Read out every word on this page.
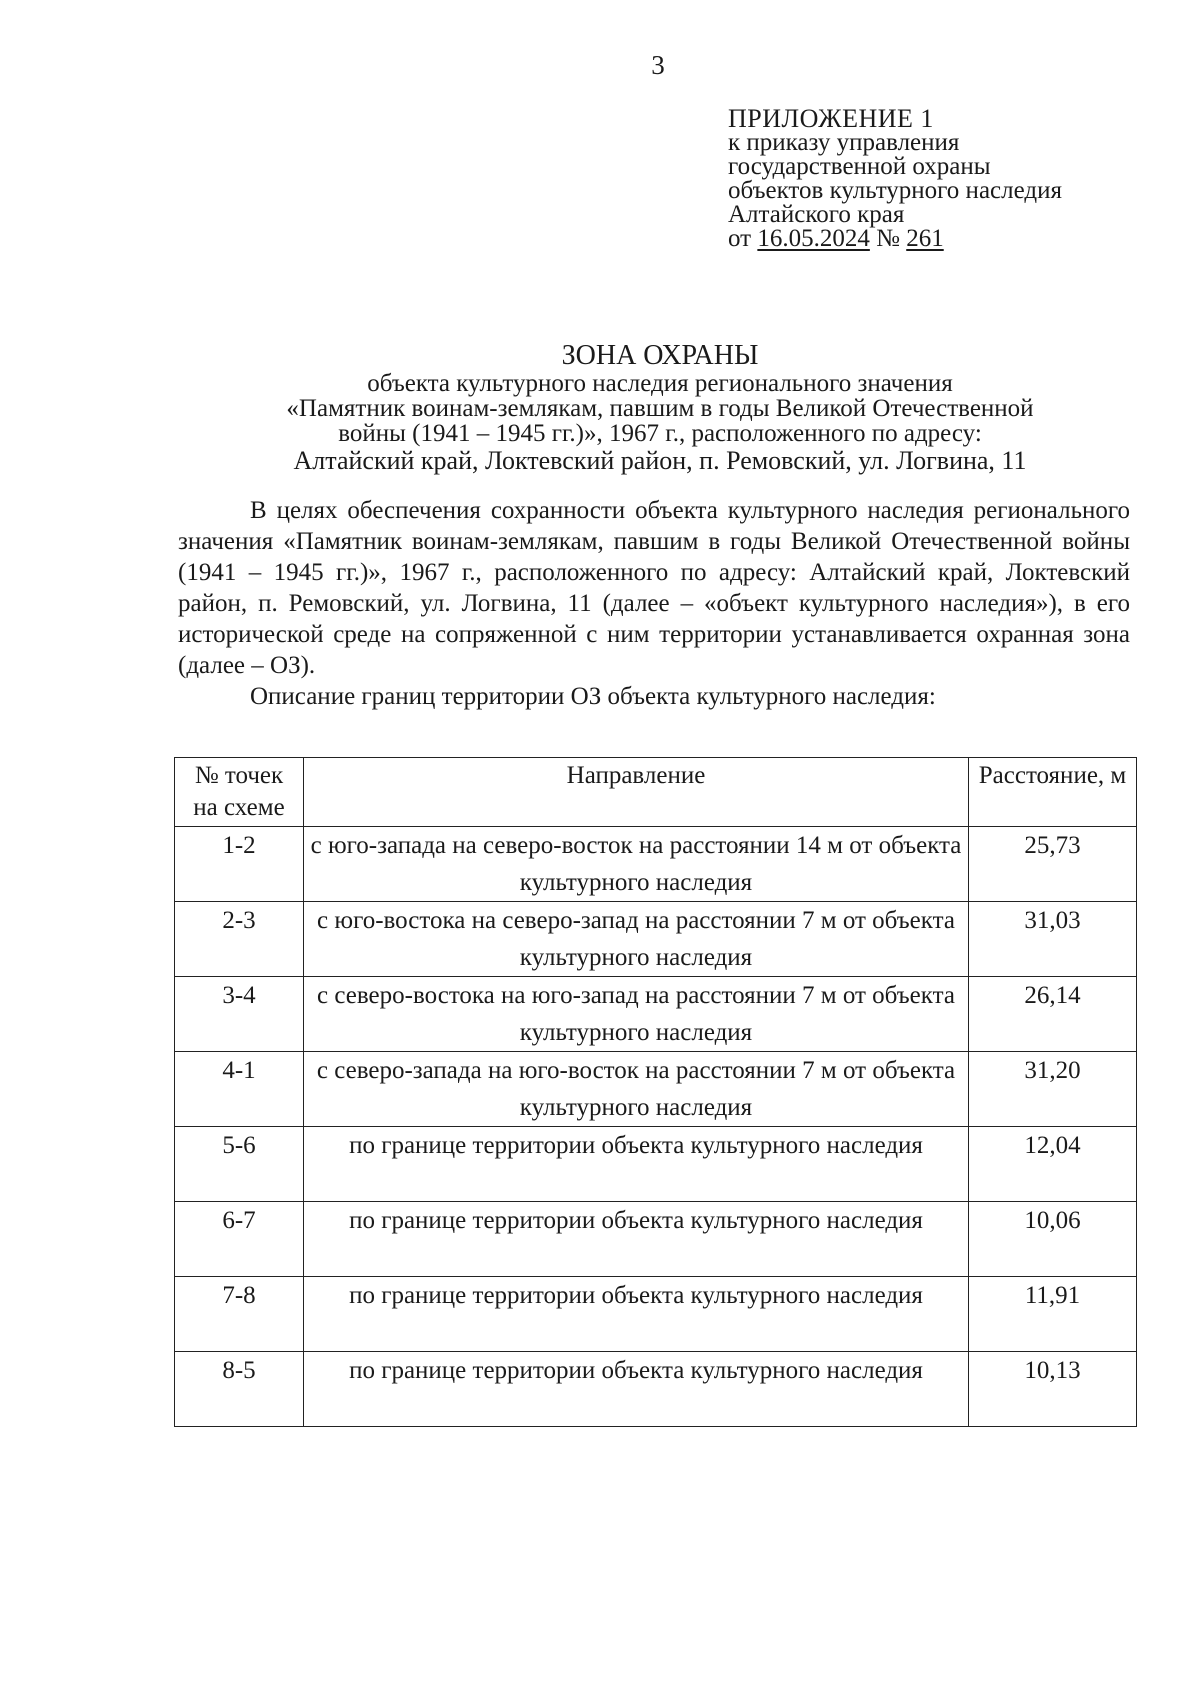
3
ПРИЛОЖЕНИЕ 1
к приказу управления
государственной охраны
объектов культурного наследия
Алтайского края
от 16.05.2024 № 261
ЗОНА ОХРАНЫ
объекта культурного наследия регионального значения
«Памятник воинам-землякам, павшим в годы Великой Отечественной
войны (1941 – 1945 гг.)», 1967 г., расположенного по адресу:
Алтайский край, Локтевский район, п. Ремовский, ул. Логвина, 11

В целях обеспечения сохранности объекта культурного наследия регионального значения «Памятник воинам-землякам, павшим в годы Великой Отечественной войны (1941 – 1945 гг.)», 1967 г., расположенного по адресу: Алтайский край, Локтевский район, п. Ремовский, ул. Логвина, 11 (далее – «объект культурного наследия»), в его исторической среде на сопряженной с ним территории устанавливается охранная зона (далее – ОЗ).

Описание границ территории ОЗ объекта культурного наследия:

№ точек на схеме	Направление	Расстояние, м
1-2	с юго-запада на северо-восток на расстоянии 14 м от объекта культурного наследия	25,73
2-3	с юго-востока на северо-запад на расстоянии 7 м от объекта культурного наследия	31,03
3-4	с северо-востока на юго-запад на расстоянии 7 м от объекта культурного наследия	26,14
4-1	с северо-запада на юго-восток на расстоянии 7 м от объекта культурного наследия	31,20
5-6	по границе территории объекта культурного наследия	12,04
6-7	по границе территории объекта культурного наследия	10,06
7-8	по границе территории объекта культурного наследия	11,91
8-5	по границе территории объекта культурного наследия	10,13
